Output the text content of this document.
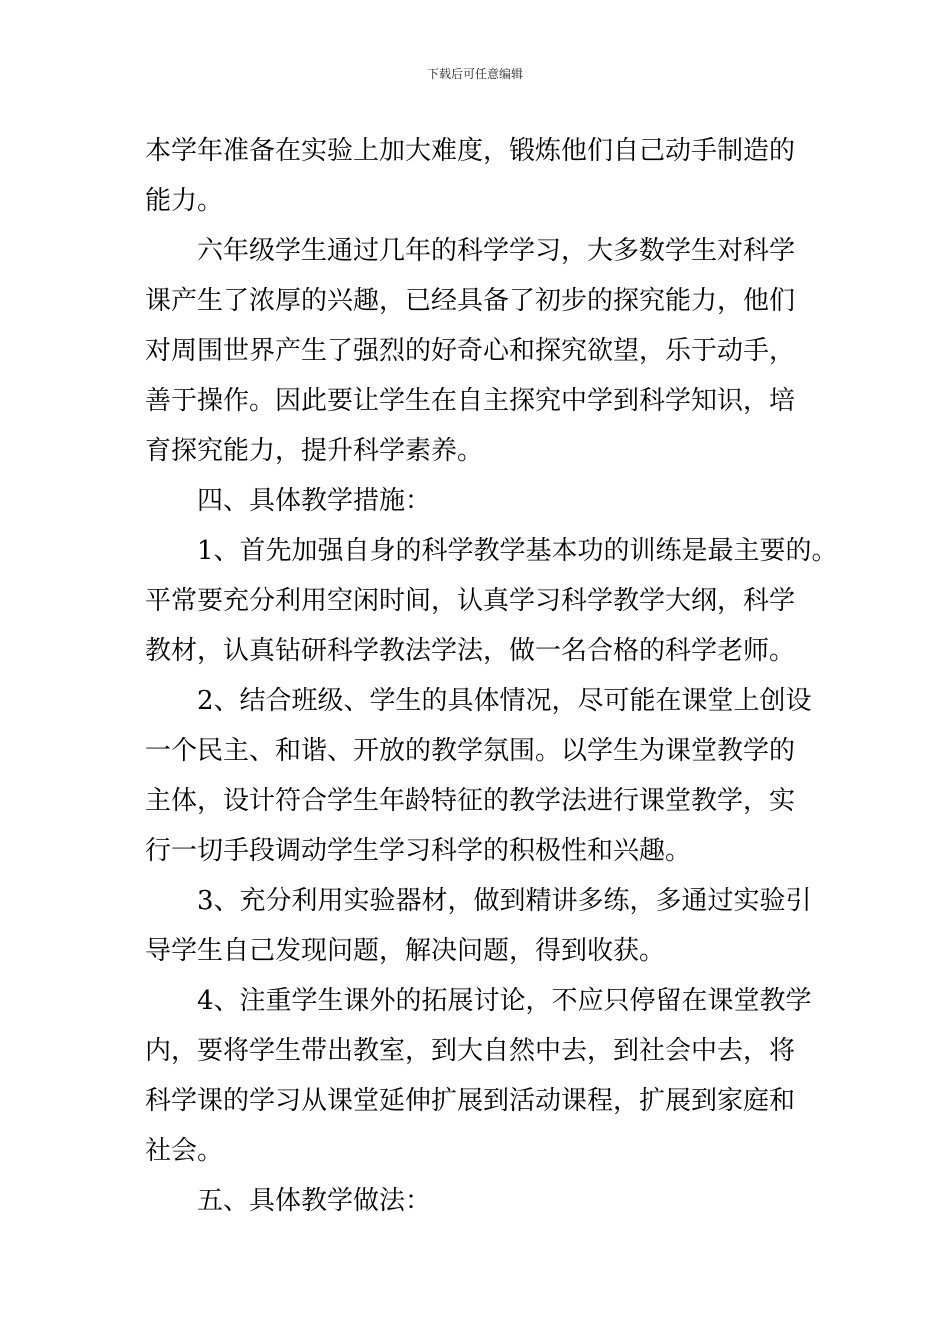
下载后可任意编辑
本学年准备在实验上加大难度，锻炼他们自己动手制造的
能力。
六年级学生通过几年的科学学习，大多数学生对科学
课产生了浓厚的兴趣，已经具备了初步的探究能力，他们
对周围世界产生了强烈的好奇心和探究欲望，乐于动手，
善于操作。因此要让学生在自主探究中学到科学知识，培
育探究能力，提升科学素养。
四、具体教学措施：
1、首先加强自身的科学教学基本功的训练是最主要的。
平常要充分利用空闲时间，认真学习科学教学大纲，科学
教材，认真钻研科学教法学法，做一名合格的科学老师。
2、结合班级、学生的具体情况，尽可能在课堂上创设
一个民主、和谐、开放的教学氛围。以学生为课堂教学的
主体，设计符合学生年龄特征的教学法进行课堂教学，实
行一切手段调动学生学习科学的积极性和兴趣。
3、充分利用实验器材，做到精讲多练，多通过实验引
导学生自己发现问题，解决问题，得到收获。
4、注重学生课外的拓展讨论，不应只停留在课堂教学
内，要将学生带出教室，到大自然中去，到社会中去，将
科学课的学习从课堂延伸扩展到活动课程，扩展到家庭和
社会。
五、具体教学做法：
